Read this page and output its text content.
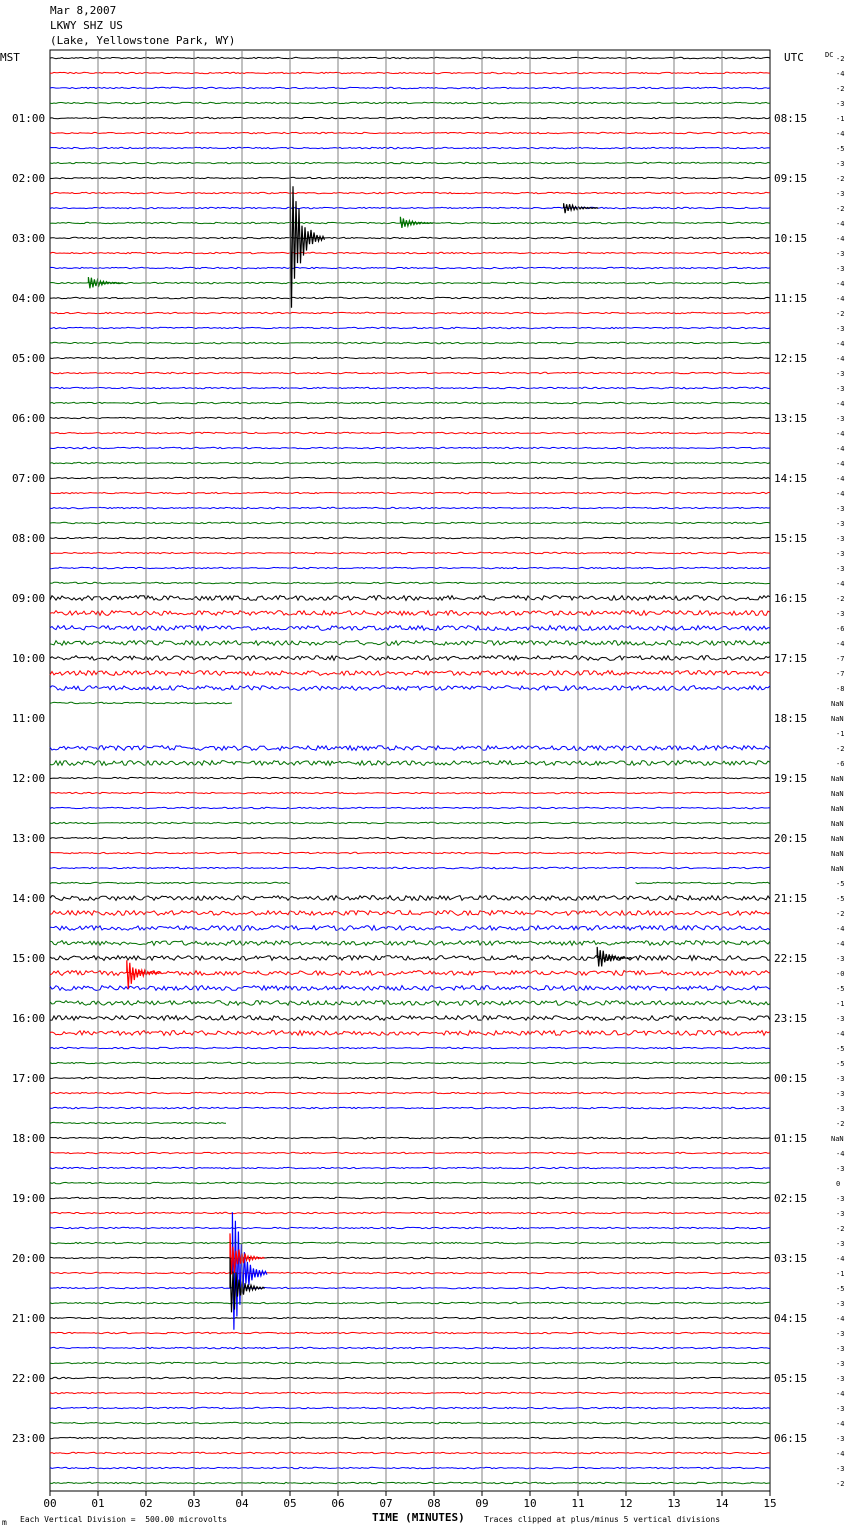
Mar 8,2007
LKWY SHZ US
(Lake, Yellowstone Park, WY)
00	01	02	03	04	05	06	07	08	09	10	11	12	13	14	15
MST	UTC	DC
01:00
02:00
03:00
04:00
05:00
06:00
07:00
08:00
09:00
10:00
11:00
12:00
13:00
14:00
15:00
16:00
17:00
18:00
19:00
20:00
21:00
22:00
23:00
08:15
09:15
10:15
11:15
12:15
13:15
14:15
15:15
16:15
17:15
18:15
19:15
20:15
21:15
22:15
23:15
00:15
01:15
02:15
03:15
04:15
05:15
06:15
-2
-4
-2
-3
-1
-4
-5
-3
-2
-3
-2
-4
-4
-3
-3
-4
-4
-2
-3
-4
-4
-3
-3
-4
-3
-4
-4
-4
-4
-4
-3
-3
-3
-3
-3
-4
-2
-3
-6
-4
-7
-7
-8
NaN
NaN
-1
-2
-6
NaN
NaN
NaN
NaN
NaN
NaN
NaN
-5
-5
-2
-4
-4
-3
-0
-5
-1
-3
-4
-5
-5
-3
-3
-3
-2
NaN
-4
-3
0
-3
-3
-2
-3
-4
-1
-5
-3
-4
-3
-3
-3
-3
-4
-3
-4
-3
-4
-3
-2
m Each Vertical Division =  500.00 microvolts	TIME (MINUTES) Traces clipped at plus/minus 5 vertical divisions
